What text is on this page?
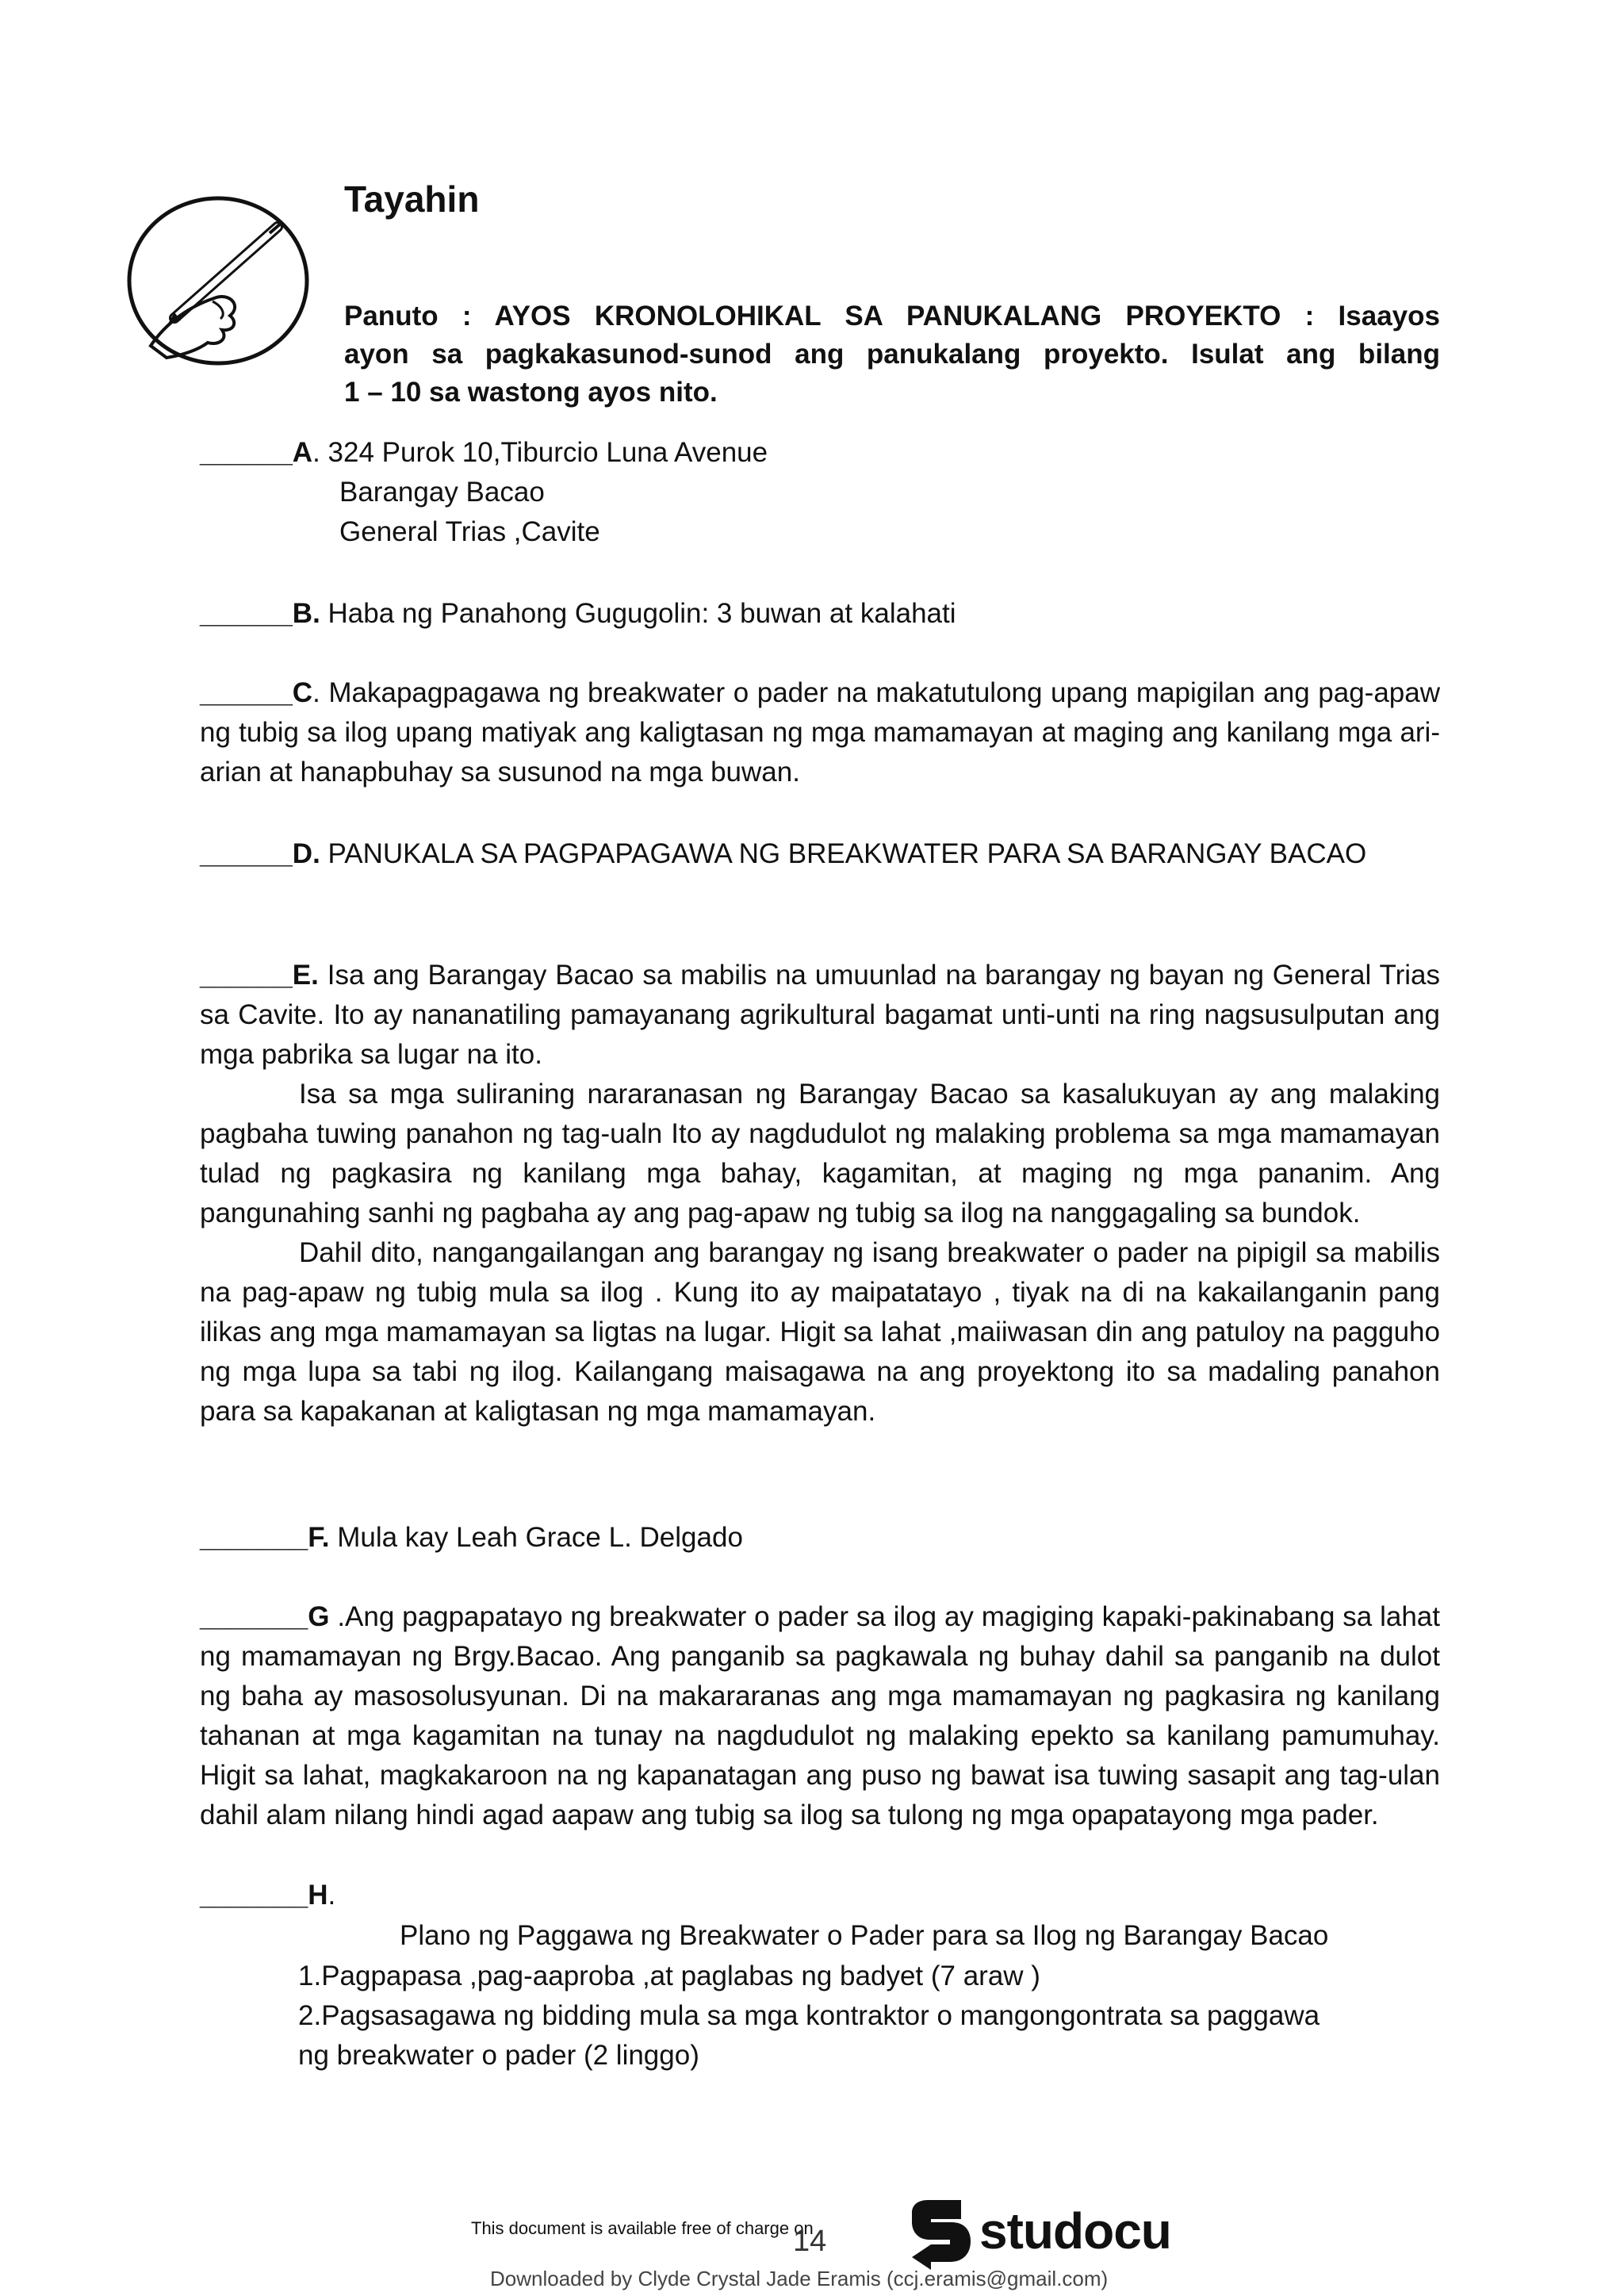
Tayahin
Panuto : AYOS KRONOLOHIKAL SA PANUKALANG PROYEKTO : Isaayos
ayon sa pagkakasunod-sunod ang panukalang proyekto. Isulat ang bilang
1 – 10 sa wastong ayos nito.
______A. 324 Purok 10,Tiburcio Luna Avenue
Barangay Bacao
General Trias ,Cavite
______B. Haba ng Panahong Gugugolin: 3 buwan at kalahati
______C. Makapagpagawa ng breakwater o pader na makatutulong upang mapigilan ang pag-apaw ng tubig sa ilog upang matiyak ang kaligtasan ng mga mamamayan at maging ang kanilang mga ari-arian at hanapbuhay sa susunod na mga buwan.
______D. PANUKALA SA PAGPAPAGAWA NG BREAKWATER PARA SA BARANGAY BACAO
______E. Isa ang Barangay Bacao sa mabilis na umuunlad na barangay ng bayan ng General Trias sa Cavite. Ito ay nananatiling pamayanang agrikultural bagamat unti-unti na ring nagsusulputan ang mga pabrika sa lugar na ito.
Isa sa mga suliraning nararanasan ng Barangay Bacao sa kasalukuyan ay ang malaking pagbaha tuwing panahon ng tag-ualn Ito ay nagdudulot ng malaking problema sa mga mamamayan tulad ng pagkasira ng kanilang mga bahay, kagamitan, at maging ng mga pananim. Ang pangunahing sanhi ng pagbaha ay ang pag-apaw ng tubig sa ilog na nanggagaling sa bundok.
Dahil dito, nangangailangan ang barangay ng isang breakwater o pader na pipigil sa mabilis na pag-apaw ng tubig mula sa ilog . Kung ito ay maipatatayo , tiyak na di na kakailanganin pang ilikas ang mga mamamayan sa ligtas na lugar. Higit sa lahat ,maiiwasan din ang patuloy na pagguho ng mga lupa sa tabi ng ilog. Kailangang maisagawa na ang proyektong ito sa madaling panahon para sa kapakanan at kaligtasan ng mga mamamayan.
_______F. Mula kay Leah Grace L. Delgado
_______G .Ang pagpapatayo ng breakwater o pader sa ilog ay magiging kapaki-pakinabang sa lahat ng mamamayan ng Brgy.Bacao. Ang panganib sa pagkawala ng buhay dahil sa panganib na dulot ng baha ay masosolusyunan. Di na makararanas ang mga mamamayan ng pagkasira ng kanilang tahanan at mga kagamitan na tunay na nagdudulot ng malaking epekto sa kanilang pamumuhay. Higit sa lahat, magkakaroon na ng kapanatagan ang puso ng bawat isa tuwing sasapit ang tag-ulan dahil alam nilang hindi agad aapaw ang tubig sa ilog sa tulong ng mga opapatayong mga pader.
_______H.
Plano ng Paggawa ng Breakwater o Pader para sa Ilog ng Barangay Bacao
1.Pagpapasa ,pag-aaproba ,at paglabas ng badyet (7 araw )
2.Pagsasagawa ng bidding mula sa mga kontraktor o mangongontrata sa paggawa
ng breakwater o pader (2 linggo)
This document is available free of charge on
14	studocu
Downloaded by Clyde Crystal Jade Eramis (ccj.eramis@gmail.com)
